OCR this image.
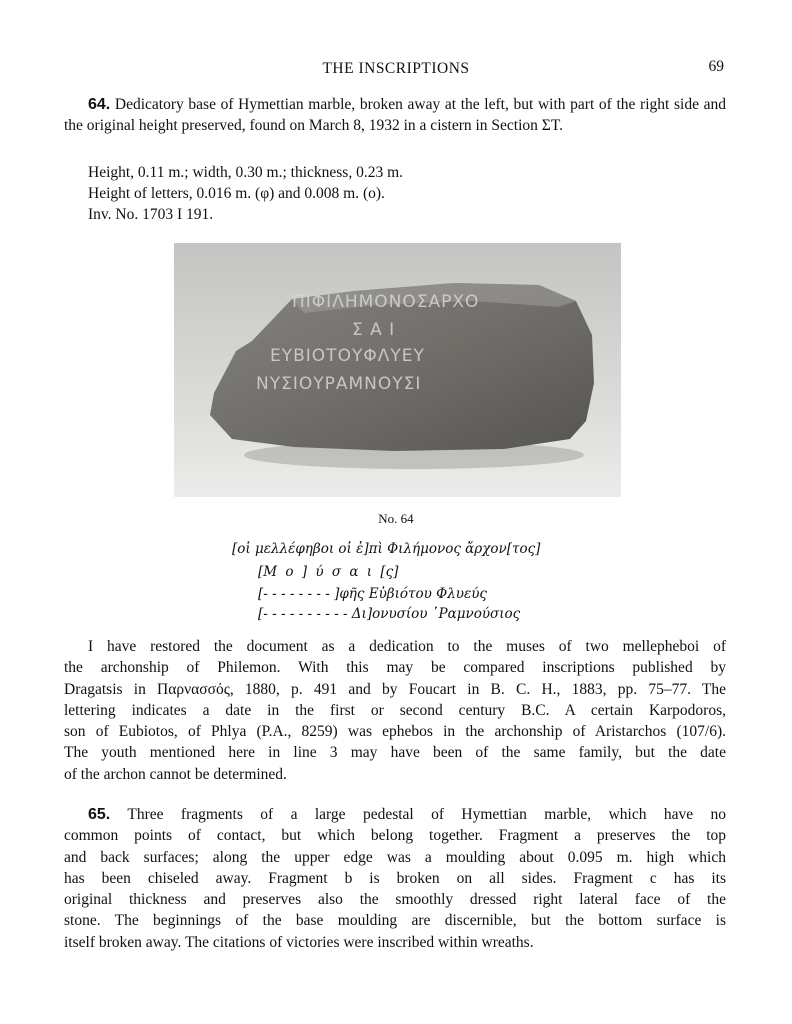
THE INSCRIPTIONS	69
64. Dedicatory base of Hymettian marble, broken away at the left, but with part of the right side and the original height preserved, found on March 8, 1932 in a cistern in Section ΣΤ.
Height, 0.11 m.; width, 0.30 m.; thickness, 0.23 m.
Height of letters, 0.016 m. (φ) and 0.008 m. (ο).
Inv. No. 1703 I 191.
ΠΙΦΙΛΗΜΟΝΟΣΑΡΧΟ
Σ Α Ι
ΕΥΒΙΟΤΟΥΦΛΥΕΥ
ΝΥΣΙΟΥΡΑΜΝΟΥΣΙ
No. 64
[οἱ μελλέφηβοι οἱ ἐ]πὶ Φιλήμονος ἄρχον[τος]
[Μ ο ] ύ σ α ι [ς]
[- - - - - - - - ]φῆς Εὐβιότου Φλυεύς
[- - - - - - - - - - Δι]ονυσίου ῾Ραμνούσιος
I have restored the document as a dedication to the muses of two mellepheboi of
the archonship of Philemon. With this may be compared inscriptions published by
Dragatsis in Παρνασσός, 1880, p. 491 and by Foucart in B. C. H., 1883, pp. 75–77. The
lettering indicates a date in the first or second century B.C. A certain Karpodoros,
son of Eubiotos, of Phlya (P.A., 8259) was ephebos in the archonship of Aristarchos (107/6).
The youth mentioned here in line 3 may have been of the same family, but the date
of the archon cannot be determined.
65. Three fragments of a large pedestal of Hymettian marble, which have no
common points of contact, but which belong together. Fragment a preserves the top
and back surfaces; along the upper edge was a moulding about 0.095 m. high which
has been chiseled away. Fragment b is broken on all sides. Fragment c has its
original thickness and preserves also the smoothly dressed right lateral face of the
stone. The beginnings of the base moulding are discernible, but the bottom surface is
itself broken away. The citations of victories were inscribed within wreaths.
